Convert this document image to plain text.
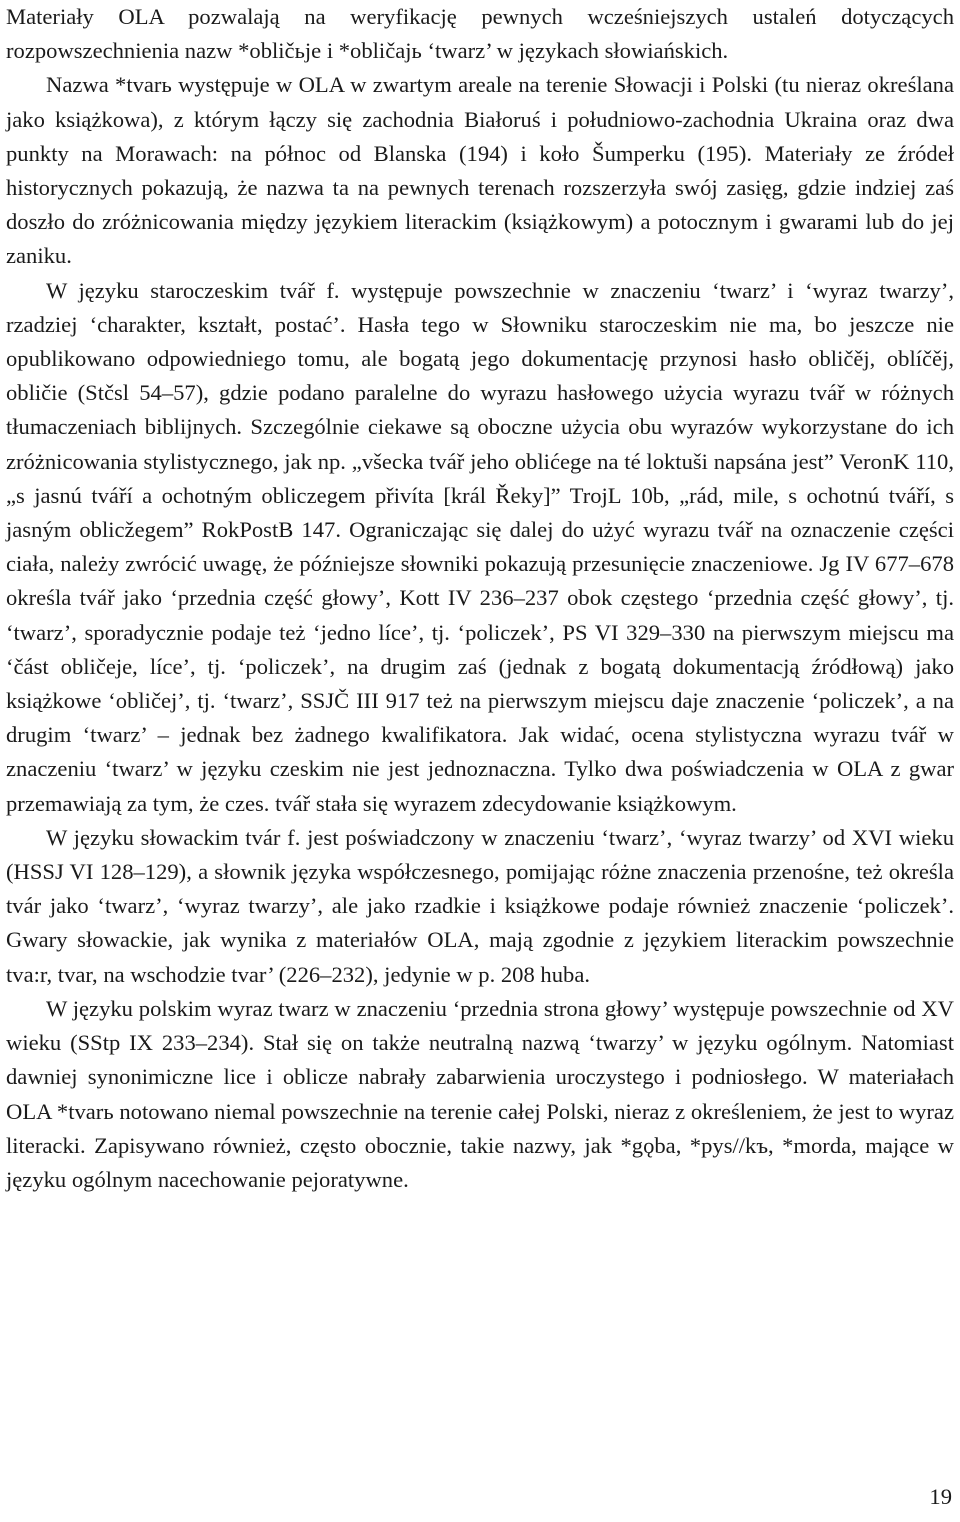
Materiały OLA pozwalają na weryfikację pewnych wcześniejszych ustaleń dotyczących rozpowszechnienia nazw *obličьje i *obličajь ‘twarz’ w językach słowiańskich.

Nazwa *tvarь występuje w OLA w zwartym areale na terenie Słowacji i Polski (tu nieraz określana jako książkowa), z którym łączy się zachodnia Białoruś i południowo-zachodnia Ukraina oraz dwa punkty na Morawach: na północ od Blanska (194) i koło Šumperku (195). Materiały ze źródeł historycznych pokazują, że nazwa ta na pewnych terenach rozszerzyła swój zasięg, gdzie indziej zaś doszło do zróżnicowania między językiem literackim (książkowym) a potocznym i gwarami lub do jej zaniku.

W języku staroczeskim tvář f. występuje powszechnie w znaczeniu ‘twarz’ i ‘wyraz twarzy’, rzadziej ‘charakter, kształt, postać’. Hasła tego w Słowniku staroczeskim nie ma, bo jeszcze nie opublikowano odpowiedniego tomu, ale bogatą jego dokumentację przynosi hasło obličěj, oblíčěj, obličie (Stčsl 54–57), gdzie podano paralelne do wyrazu hasłowego użycia wyrazu tvář w różnych tłumaczeniach biblijnych. Szczególnie ciekawe są oboczne użycia obu wyrazów wykorzystane do ich zróżnicowania stylistycznego, jak np. „všecka tvář jeho oblićege na té loktuši napsána jest” VeronK 110, „s jasnú tváří a ochotným obliczegem přivíta [král Řeky]” TrojL 10b, „rád, mile, s ochotnú tváří, s jasným oblicžegem” RokPostB 147. Ograniczając się dalej do użyć wyrazu tvář na oznaczenie części ciała, należy zwrócić uwagę, że późniejsze słowniki pokazują przesunięcie znaczeniowe. Jg IV 677–678 określa tvář jako ‘przednia część głowy’, Kott IV 236–237 obok częstego ‘przednia część głowy’, tj. ‘twarz’, sporadycznie podaje też ‘jedno líce’, tj. ‘policzek’, PS VI 329–330 na pierwszym miejscu ma ‘část obličeje, líce’, tj. ‘policzek’, na drugim zaś (jednak z bogatą dokumentacją źródłową) jako książkowe ‘obličej’, tj. ‘twarz’, SSJČ III 917 też na pierwszym miejscu daje znaczenie ‘policzek’, a na drugim ‘twarz’ – jednak bez żadnego kwalifikatora. Jak widać, ocena stylistyczna wyrazu tvář w znaczeniu ‘twarz’ w języku czeskim nie jest jednoznaczna. Tylko dwa poświadczenia w OLA z gwar przemawiają za tym, że czes. tvář stała się wyrazem zdecydowanie książkowym.

W języku słowackim tvár f. jest poświadczony w znaczeniu ‘twarz’, ‘wyraz twarzy’ od XVI wieku (HSSJ VI 128–129), a słownik języka współczesnego, pomijając różne znaczenia przenośne, też określa tvár jako ‘twarz’, ‘wyraz twarzy’, ale jako rzadkie i książkowe podaje również znaczenie ‘policzek’. Gwary słowackie, jak wynika z materiałów OLA, mają zgodnie z językiem literackim powszechnie tva:r, tvar, na wschodzie tvar’ (226–232), jedynie w p. 208 huba.

W języku polskim wyraz twarz w znaczeniu ‘przednia strona głowy’ występuje powszechnie od XV wieku (SStp IX 233–234). Stał się on także neutralną nazwą ‘twarzy’ w języku ogólnym. Natomiast dawniej synonimiczne lice i oblicze nabrały zabarwienia uroczystego i podniosłego. W materiałach OLA *tvarь notowano niemal powszechnie na terenie całej Polski, nieraz z określeniem, że jest to wyraz literacki. Zapisywano również, często obocznie, takie nazwy, jak *gǫba, *pys//kъ, *morda, mające w języku ogólnym nacechowanie pejoratywne.

19
